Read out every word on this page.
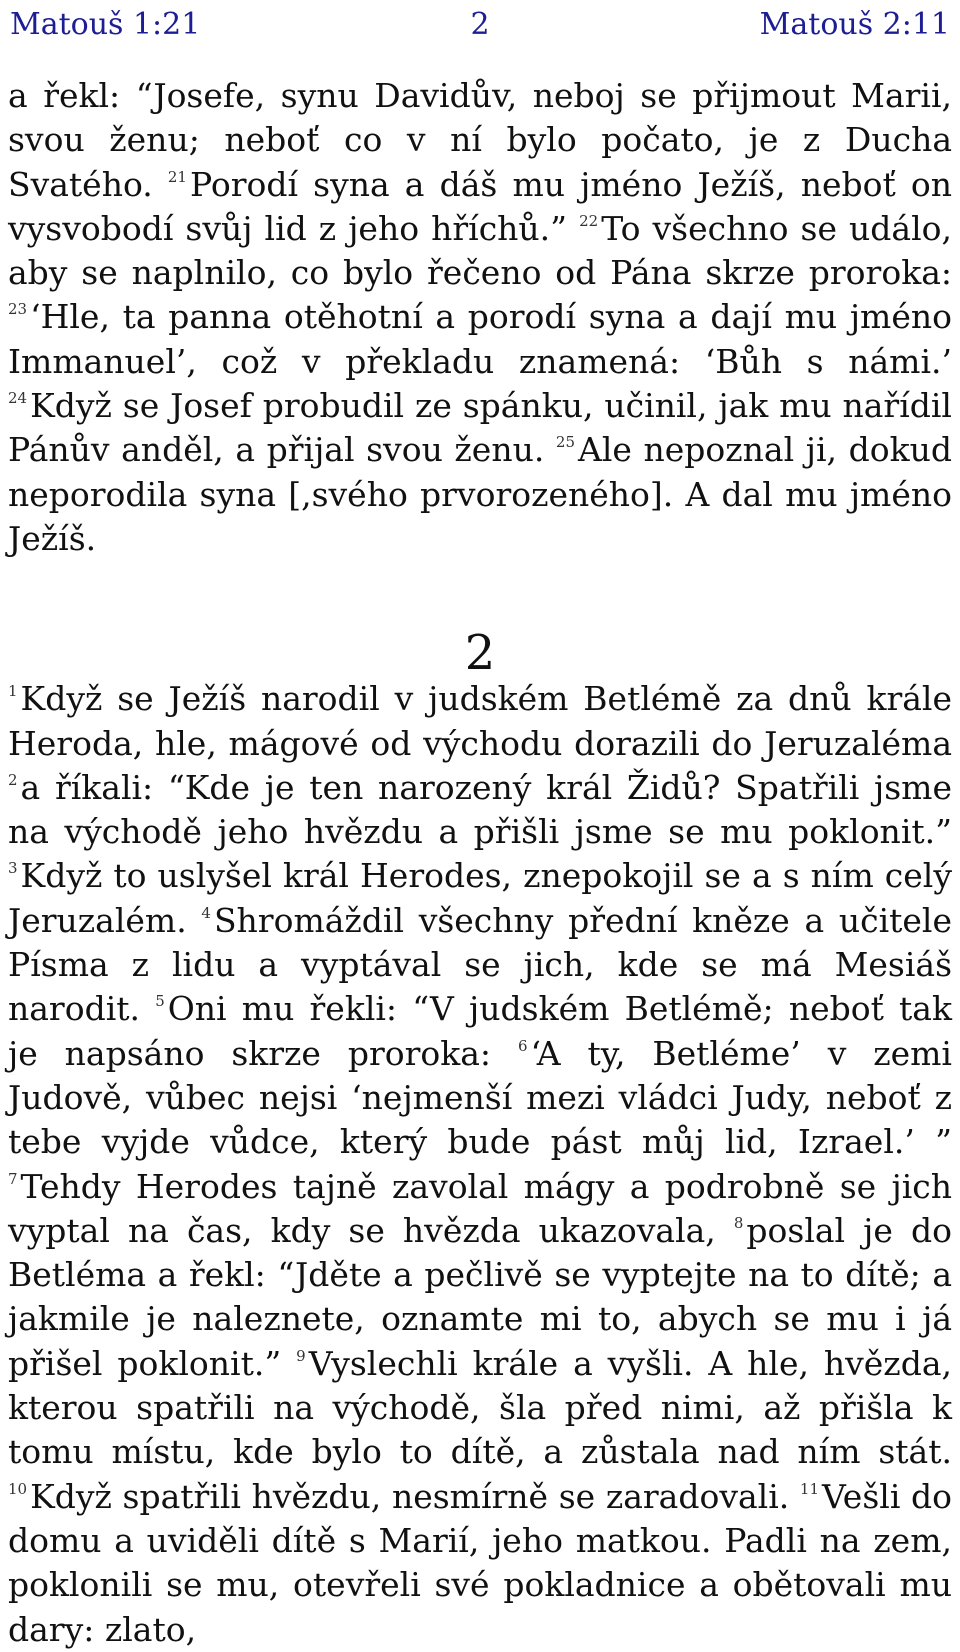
Matouš 1:21	2	Matouš 2:11

a řekl: “Josefe, synu Davidův, neboj se přijmout Marii, svou ženu; neboť co v ní bylo počato, je z Ducha Svatého. $^{21}$Porodí syna a dáš mu jméno Ježíš, neboť on vysvobodí svůj lid z jeho hříchů.” $^{22}$To všechno se událo, aby se naplnilo, co bylo řečeno od Pána skrze proroka: $^{23}$‘Hle, ta panna otěhotní a porodí syna a dají mu jméno Immanuel’, což v překladu znamená: ‘Bůh s námi.’ $^{24}$Když se Josef probudil ze spánku, učinil, jak mu nařídil Pánův anděl, a přijal svou ženu. $^{25}$Ale nepoznal ji, dokud neporodila syna [,svého prvorozeného]. A dal mu jméno Ježíš.

2

$^1$Když se Ježíš narodil v judském Betlémě za dnů krále Heroda, hle, mágové od východu dorazili do Jeruzaléma $^2$a říkali: “Kde je ten narozený král Židů? Spatřili jsme na východě jeho hvězdu a přišli jsme se mu poklonit.” $^3$Když to uslyšel král Herodes, znepokojil se a s ním celý Jeruzalém. $^4$Shromáždil všechny přední kněze a učitele Písma z lidu a vyptával se jich, kde se má Mesiáš narodit. $^5$Oni mu řekli: “V judském Betlémě; neboť tak je napsáno skrze proroka: $^6$‘A ty, Betléme’ v zemi Judově, vůbec nejsi ‘nejmenší mezi vládci Judy, neboť z tebe vyjde vůdce, který bude pást můj lid, Izrael.’ ” $^7$Tehdy Herodes tajně zavolal mágy a podrobně se jich vyptal na čas, kdy se hvězda ukazovala, $^8$poslal je do Betléma a řekl: “Jděte a pečlivě se vyptejte na to dítě; a jakmile je naleznete, oznamte mi to, abych se mu i já přišel poklonit.” $^9$Vyslechli krále a vyšli. A hle, hvězda, kterou spatřili na východě, šla před nimi, až přišla k tomu místu, kde bylo to dítě, a zůstala nad ním stát. $^{10}$Když spatřili hvězdu, nesmírně se zaradovali. $^{11}$Vešli do domu a uviděli dítě s Marií, jeho matkou. Padli na zem, poklonili se mu, otevřeli své pokladnice a obětovali mu dary: zlato,
